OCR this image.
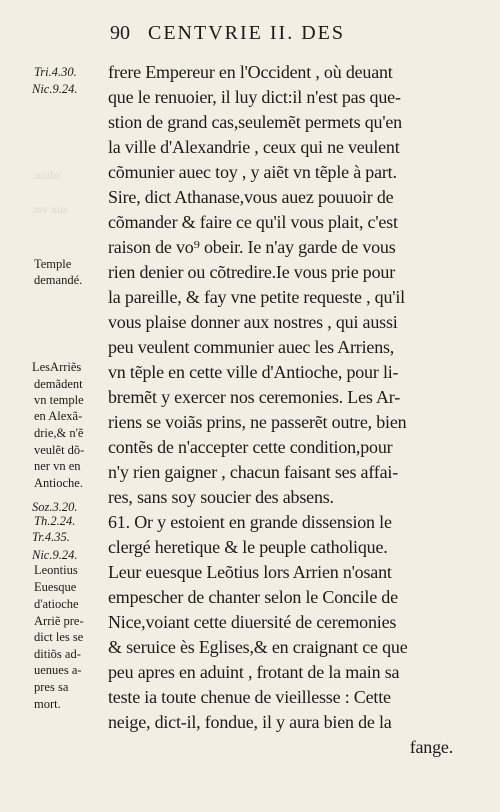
90 CENTVRIE II. DES
ɔuiilo'
ɔsv xus
Tri.4.30.
Nic.9.24.
Temple
demandé.
LesArriẽs
demãdent
vn temple
en Alexã-
drie,& n'ẽ
veulẽt dõ-
ner vn en
Antioche.
Soz.3.20.
Th.2.24.
Tr.4.35.
Nic.9.24.
Leontius
Euesque
d'atioche
Arriẽ pre-
dict les se
ditiõs ad-
uenues a-
pres sa
mort.
frere Empereur en l'Occident , où deuant
que le renuoier, il luy dict:il n'est pas que-
stion de grand cas,seulemẽt permets qu'en
la ville d'Alexandrie , ceux qui ne veulent
cõmunier auec toy , y aiẽt vn tẽple à part.
Sire, dict Athanase,vous auez pouuoir de
cõmander & faire ce qu'il vous plait, c'est
raison de vo⁹ obeir. Ie n'ay garde de vous
rien denier ou cõtredire.Ie vous prie pour
la pareille, & fay vne petite requeste , qu'il
vous plaise donner aux nostres , qui aussi
peu veulent communier auec les Arriens,
vn tẽple en cette ville d'Antioche, pour li-
bremẽt y exercer nos ceremonies. Les Ar-
riens se voiãs prins, ne passerẽt outre, bien
contẽs de n'accepter cette condition,pour
n'y rien gaigner , chacun faisant ses affai-
res, sans soy soucier des absens.
61. Or y estoient en grande dissension le
clergé heretique & le peuple catholique.
Leur euesque Leõtius lors Arrien n'osant
empescher de chanter selon le Concile de
Nice,voiant cette diuersité de ceremonies
& seruice ès Eglises,& en craignant ce que
peu apres en aduint , frotant de la main sa
teste ia toute chenue de vieillesse : Cette
neige, dict-il, fondue, il y aura bien de la
fange.
